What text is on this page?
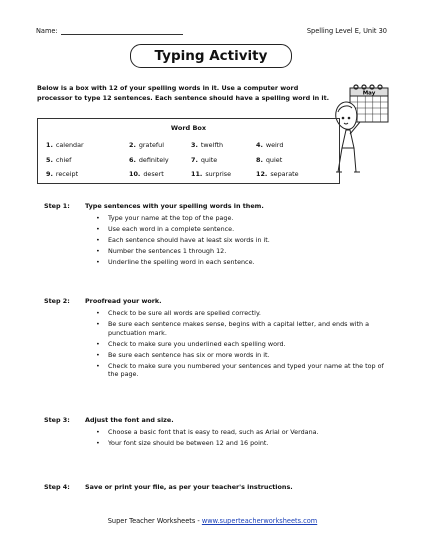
Name:	Spelling Level E, Unit 30
Typing Activity
Below is a box with 12 of your spelling words in it. Use a computer word processor to type 12 sentences. Each sentence should have a spelling word in it.
May
Word Box
1. calendar	2. grateful	3. twelfth	4. weird
5. chief	6. definitely	7. quite	8. quiet
9. receipt	10. desert	11. surprise	12. separate
Step 1: Type sentences with your spelling words in them.
• Type your name at the top of the page.
• Use each word in a complete sentence.
• Each sentence should have at least six words in it.
• Number the sentences 1 through 12.
• Underline the spelling word in each sentence.
Step 2: Proofread your work.
• Check to be sure all words are spelled correctly.
• Be sure each sentence makes sense, begins with a capital letter, and ends with a punctuation mark.
• Check to make sure you underlined each spelling word.
• Be sure each sentence has six or more words in it.
• Check to make sure you numbered your sentences and typed your name at the top of the page.
Step 3: Adjust the font and size.
• Choose a basic font that is easy to read, such as Arial or Verdana.
• Your font size should be between 12 and 16 point.
Step 4: Save or print your file, as per your teacher's instructions.
Super Teacher Worksheets - www.superteacherworksheets.com
